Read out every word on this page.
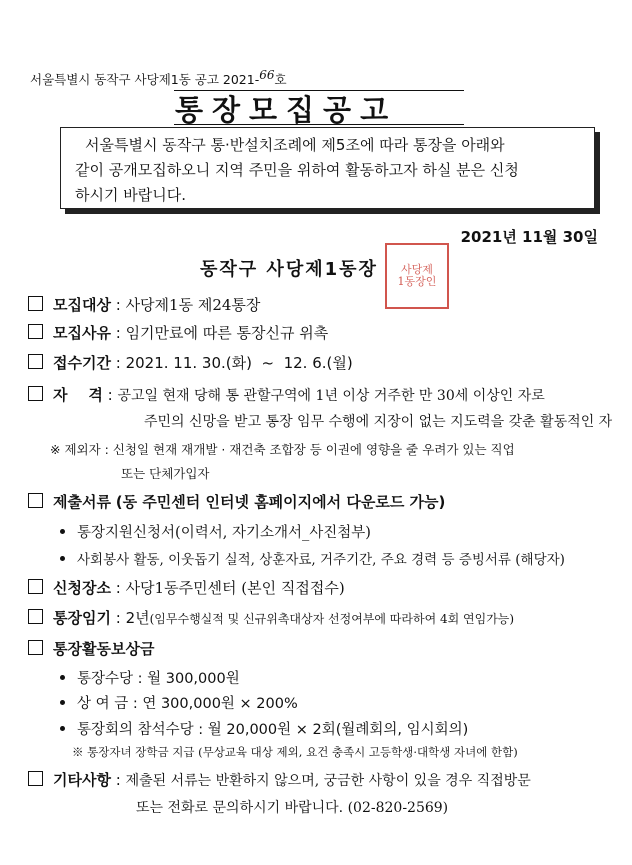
서울특별시 동작구 사당제1동 공고 2021-66호
통장모집공고
서울특별시 동작구 통·반설치조례에 제5조에 따라 통장을 아래와
같이 공개모집하오니 지역 주민을 위하여 활동하고자 하실 분은 신청
하시기 바랍니다.
2021년 11월 30일
동작구 사당제1동장 사당제
1동장인
모집대상 : 사당제1동 제24통장
모집사유 : 임기만료에 따른 통장신규 위촉
접수기간 : 2021. 11. 30.(화)  ~  12. 6.(월)
자    격 : 공고일 현재 당해 통 관할구역에 1년 이상 거주한 만 30세 이상인 자로
주민의 신망을 받고 통장 임무 수행에 지장이 없는 지도력을 갖춘 활동적인 자
※ 제외자 : 신청일 현재 재개발 · 재건축 조합장 등 이권에 영향을 줄 우려가 있는 직업
또는 단체가입자
제출서류 (동 주민센터 인터넷 홈페이지에서 다운로드 가능)
통장지원신청서(이력서, 자기소개서_사진첨부)
사회봉사 활동, 이웃돕기 실적, 상훈자료, 거주기간, 주요 경력 등 증빙서류 (해당자)
신청장소 : 사당1동주민센터 (본인 직접접수)
통장임기 : 2년(임무수행실적 및 신규위촉대상자 선정여부에 따라하여 4회 연임가능)
통장활동보상금
통장수당 : 월 300,000원
상 여 금 : 연 300,000원 × 200%
통장회의 참석수당 : 월 20,000원 × 2회(월례회의, 임시회의)
※ 통장자녀 장학금 지급 (무상교육 대상 제외, 요건 충족시 고등학생·대학생 자녀에 한함)
기타사항 : 제출된 서류는 반환하지 않으며, 궁금한 사항이 있을 경우 직접방문
또는 전화로 문의하시기 바랍니다. (02-820-2569)
